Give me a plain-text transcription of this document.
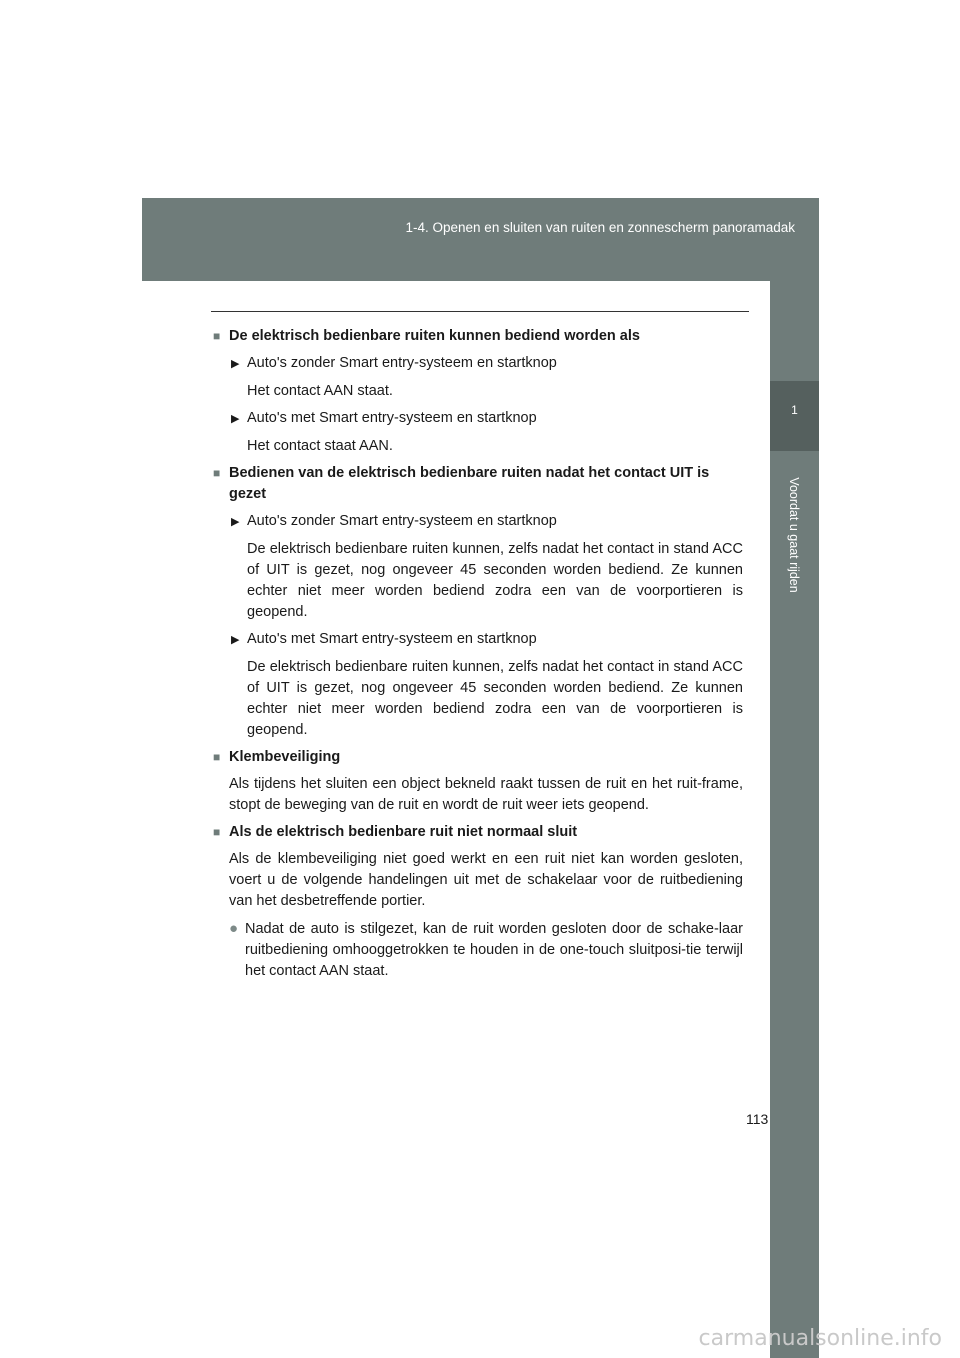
1-4. Openen en sluiten van ruiten en zonnescherm panoramadak
1
Voordat u gaat rijden
■ De elektrisch bedienbare ruiten kunnen bediend worden als
▶ Auto's zonder Smart entry-systeem en startknop
Het contact AAN staat.
▶ Auto's met Smart entry-systeem en startknop
Het contact staat AAN.
■ Bedienen van de elektrisch bedienbare ruiten nadat het contact UIT is gezet
▶ Auto's zonder Smart entry-systeem en startknop
De elektrisch bedienbare ruiten kunnen, zelfs nadat het contact in stand ACC of UIT is gezet, nog ongeveer 45 seconden worden bediend. Ze kunnen echter niet meer worden bediend zodra een van de voorportieren is geopend.
▶ Auto's met Smart entry-systeem en startknop
De elektrisch bedienbare ruiten kunnen, zelfs nadat het contact in stand ACC of UIT is gezet, nog ongeveer 45 seconden worden bediend. Ze kunnen echter niet meer worden bediend zodra een van de voorportieren is geopend.
■ Klembeveiliging
Als tijdens het sluiten een object bekneld raakt tussen de ruit en het ruit-frame, stopt de beweging van de ruit en wordt de ruit weer iets geopend.
■ Als de elektrisch bedienbare ruit niet normaal sluit
Als de klembeveiliging niet goed werkt en een ruit niet kan worden gesloten, voert u de volgende handelingen uit met de schakelaar voor de ruitbediening van het desbetreffende portier.
● Nadat de auto is stilgezet, kan de ruit worden gesloten door de schake-laar ruitbediening omhooggetrokken te houden in de one-touch sluitposi-tie terwijl het contact AAN staat.
113
carmanualsonline.info
